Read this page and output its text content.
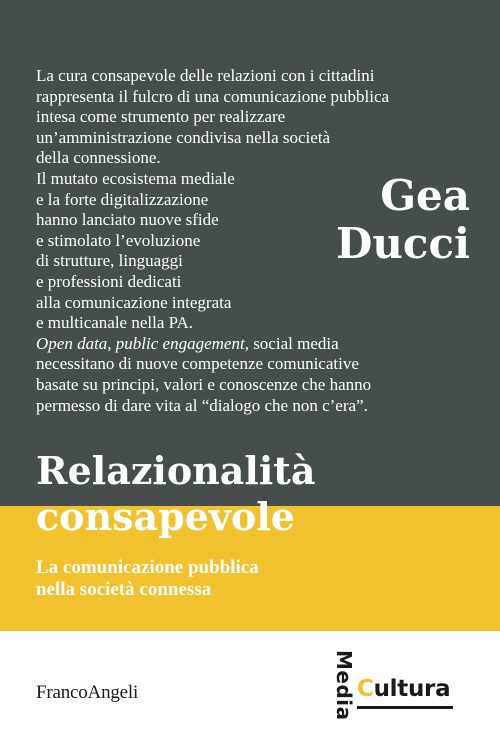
La cura consapevole delle relazioni con i cittadini
rappresenta il fulcro di una comunicazione pubblica
intesa come strumento per realizzare
un’amministrazione condivisa nella società
della connessione.
Il mutato ecosistema mediale
e la forte digitalizzazione
hanno lanciato nuove sfide
e stimolato l’evoluzione
di strutture, linguaggi
e professioni dedicati
alla comunicazione integrata
e multicanale nella PA.
Open data, public engagement, social media
necessitano di nuove competenze comunicative
basate su principi, valori e conoscenze che hanno
permesso di dare vita al “dialogo che non c’era”.

Gea
Ducci
Relazionalità
consapevole
La comunicazione pubblica
nella società connessa
FrancoAngeli	Media Cultura
